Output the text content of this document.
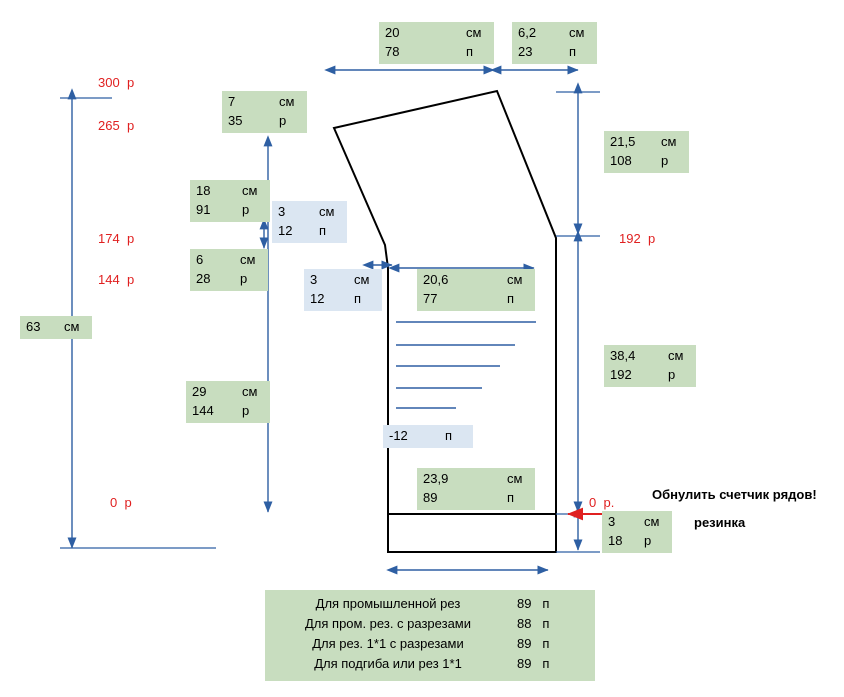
300 р
265 р
174 р
144 р
0 р
192 р
0 р.
20	см
78	п
6,2	см
23	п
7	см
35	р
21,5 см
108 р
18 см
91 р	3	см
12 п
6	см
28 р	3	см
12 п
20,6	см
77	п
38,4	см
192	р
29	см
144 р
23,9	см
89	п
3 см
18 р
63 см
-12	п
Обнулить счетчик рядов!
резинка
Для промышленной рез	89 п
Для пром. рез. с разрезами	88 п
Для рез. 1*1 с разрезами	89 п
Для подгиба или рез 1*1	89 п
